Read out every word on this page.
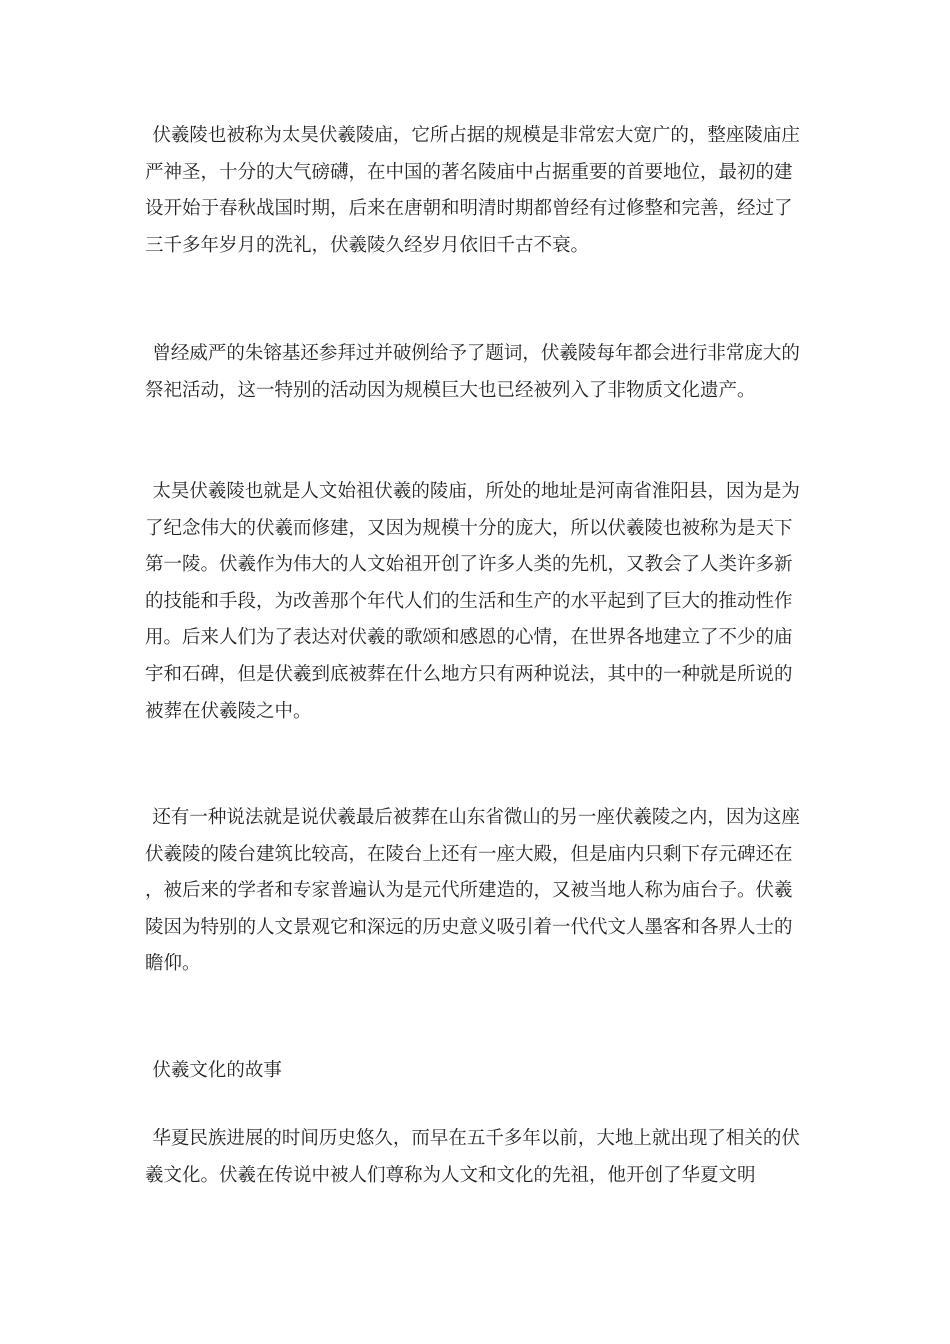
伏羲陵也被称为太昊伏羲陵庙，它所占据的规模是非常宏大宽广的，整座陵庙庄严神圣，十分的大气磅礴，在中国的著名陵庙中占据重要的首要地位，最初的建设开始于春秋战国时期，后来在唐朝和明清时期都曾经有过修整和完善，经过了三千多年岁月的洗礼，伏羲陵久经岁月依旧千古不衰。

曾经威严的朱镕基还参拜过并破例给予了题词，伏羲陵每年都会进行非常庞大的祭祀活动，这一特别的活动因为规模巨大也已经被列入了非物质文化遗产。

太昊伏羲陵也就是人文始祖伏羲的陵庙，所处的地址是河南省淮阳县，因为是为了纪念伟大的伏羲而修建，又因为规模十分的庞大，所以伏羲陵也被称为是天下第一陵。伏羲作为伟大的人文始祖开创了许多人类的先机，又教会了人类许多新的技能和手段，为改善那个年代人们的生活和生产的水平起到了巨大的推动性作用。后来人们为了表达对伏羲的歌颂和感恩的心情，在世界各地建立了不少的庙宇和石碑，但是伏羲到底被葬在什么地方只有两种说法，其中的一种就是所说的被葬在伏羲陵之中。

还有一种说法就是说伏羲最后被葬在山东省微山的另一座伏羲陵之内，因为这座伏羲陵的陵台建筑比较高，在陵台上还有一座大殿，但是庙内只剩下存元碑还在，被后来的学者和专家普遍认为是元代所建造的，又被当地人称为庙台子。伏羲陵因为特别的人文景观它和深远的历史意义吸引着一代代文人墨客和各界人士的瞻仰。

伏羲文化的故事

华夏民族进展的时间历史悠久，而早在五千多年以前，大地上就出现了相关的伏羲文化。伏羲在传说中被人们尊称为人文和文化的先祖，他开创了华夏文明
